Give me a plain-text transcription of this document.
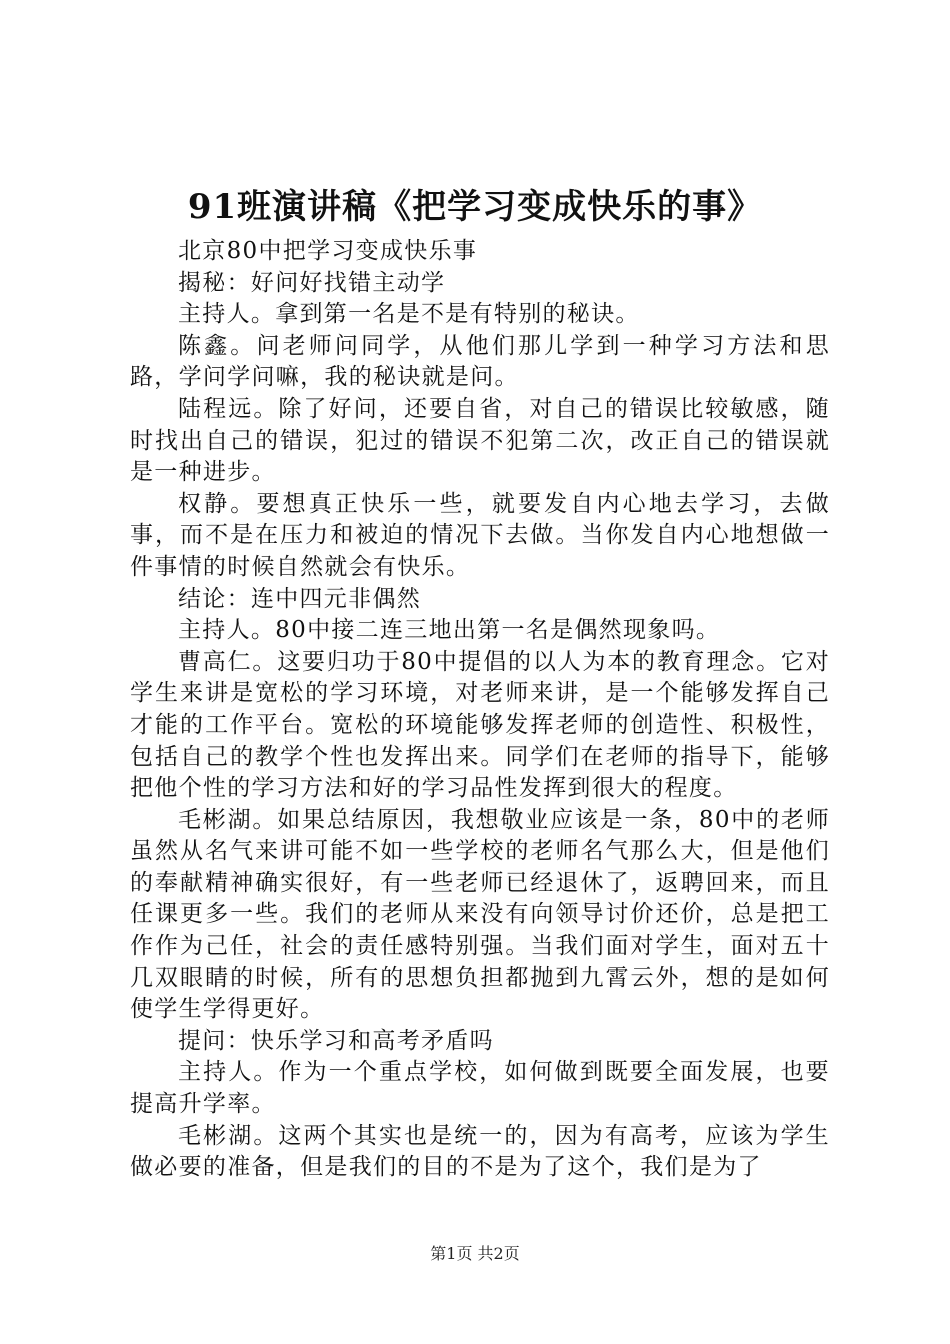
91班演讲稿《把学习变成快乐的事》

北京80中把学习变成快乐事

揭秘：好问好找错主动学

主持人。拿到第一名是不是有特别的秘诀。

陈鑫。问老师问同学，从他们那儿学到一种学习方法和思路，学问学问嘛，我的秘诀就是问。

陆程远。除了好问，还要自省，对自己的错误比较敏感，随时找出自己的错误，犯过的错误不犯第二次，改正自己的错误就是一种进步。

权静。要想真正快乐一些，就要发自内心地去学习，去做事，而不是在压力和被迫的情况下去做。当你发自内心地想做一件事情的时候自然就会有快乐。

结论：连中四元非偶然

主持人。80中接二连三地出第一名是偶然现象吗。

曹高仁。这要归功于80中提倡的以人为本的教育理念。它对学生来讲是宽松的学习环境，对老师来讲，是一个能够发挥自己才能的工作平台。宽松的环境能够发挥老师的创造性、积极性，包括自己的教学个性也发挥出来。同学们在老师的指导下，能够把他个性的学习方法和好的学习品性发挥到很大的程度。

毛彬湖。如果总结原因，我想敬业应该是一条，80中的老师虽然从名气来讲可能不如一些学校的老师名气那么大，但是他们的奉献精神确实很好，有一些老师已经退休了，返聘回来，而且任课更多一些。我们的老师从来没有向领导讨价还价，总是把工作作为己任，社会的责任感特别强。当我们面对学生，面对五十几双眼睛的时候，所有的思想负担都抛到九霄云外，想的是如何使学生学得更好。

提问：快乐学习和高考矛盾吗

主持人。作为一个重点学校，如何做到既要全面发展，也要提高升学率。

毛彬湖。这两个其实也是统一的，因为有高考，应该为学生做必要的准备，但是我们的目的不是为了这个，我们是为了

第1页 共2页
